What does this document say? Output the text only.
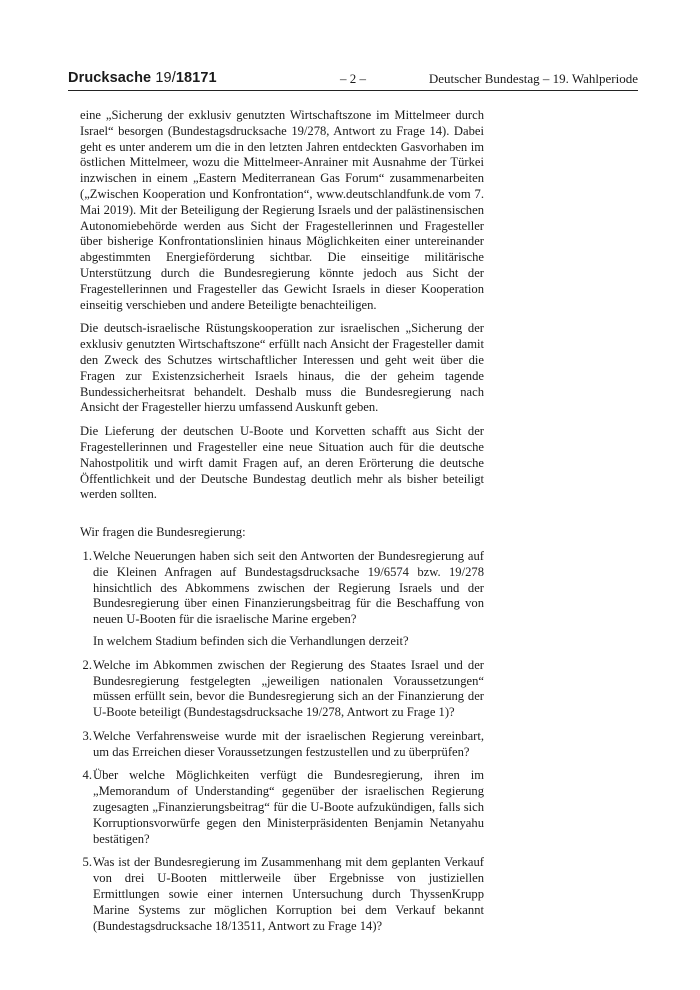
Drucksache 19/18171	– 2 –	Deutscher Bundestag – 19. Wahlperiode

eine „Sicherung der exklusiv genutzten Wirtschaftszone im Mittelmeer durch Israel“ besorgen (Bundestagsdrucksache 19/278, Antwort zu Frage 14). Dabei geht es unter anderem um die in den letzten Jahren entdeckten Gasvorhaben im östlichen Mittelmeer, wozu die Mittelmeer-Anrainer mit Ausnahme der Türkei inzwischen in einem „Eastern Mediterranean Gas Forum“ zusammenarbeiten („Zwischen Kooperation und Konfrontation“, www.deutschlandfunk.de vom 7. Mai 2019). Mit der Beteiligung der Regierung Israels und der palästinensischen Autonomiebehörde werden aus Sicht der Fragestellerinnen und Fragesteller über bisherige Konfrontationslinien hinaus Möglichkeiten einer untereinander abgestimmten Energieförderung sichtbar. Die einseitige militärische Unterstützung durch die Bundesregierung könnte jedoch aus Sicht der Fragestellerinnen und Fragesteller das Gewicht Israels in dieser Kooperation einseitig verschieben und andere Beteiligte benachteiligen.

Die deutsch-israelische Rüstungskooperation zur israelischen „Sicherung der exklusiv genutzten Wirtschaftszone“ erfüllt nach Ansicht der Fragesteller damit den Zweck des Schutzes wirtschaftlicher Interessen und geht weit über die Fragen zur Existenzsicherheit Israels hinaus, die der geheim tagende Bundessicherheitsrat behandelt. Deshalb muss die Bundesregierung nach Ansicht der Fragesteller hierzu umfassend Auskunft geben.

Die Lieferung der deutschen U-Boote und Korvetten schafft aus Sicht der Fragestellerinnen und Fragesteller eine neue Situation auch für die deutsche Nahostpolitik und wirft damit Fragen auf, an deren Erörterung die deutsche Öffentlichkeit und der Deutsche Bundestag deutlich mehr als bisher beteiligt werden sollten.

Wir fragen die Bundesregierung:

1. Welche Neuerungen haben sich seit den Antworten der Bundesregierung auf die Kleinen Anfragen auf Bundestagsdrucksache 19/6574 bzw. 19/278 hinsichtlich des Abkommens zwischen der Regierung Israels und der Bundesregierung über einen Finanzierungsbeitrag für die Beschaffung von neuen U-Booten für die israelische Marine ergeben?

In welchem Stadium befinden sich die Verhandlungen derzeit?

2. Welche im Abkommen zwischen der Regierung des Staates Israel und der Bundesregierung festgelegten „jeweiligen nationalen Voraussetzungen“ müssen erfüllt sein, bevor die Bundesregierung sich an der Finanzierung der U-Boote beteiligt (Bundestagsdrucksache 19/278, Antwort zu Frage 1)?

3. Welche Verfahrensweise wurde mit der israelischen Regierung vereinbart, um das Erreichen dieser Voraussetzungen festzustellen und zu überprüfen?

4. Über welche Möglichkeiten verfügt die Bundesregierung, ihren im „Memorandum of Understanding“ gegenüber der israelischen Regierung zugesagten „Finanzierungsbeitrag“ für die U-Boote aufzukündigen, falls sich Korruptionsvorwürfe gegen den Ministerpräsidenten Benjamin Netanyahu bestätigen?

5. Was ist der Bundesregierung im Zusammenhang mit dem geplanten Verkauf von drei U-Booten mittlerweile über Ergebnisse von justiziellen Ermittlungen sowie einer internen Untersuchung durch ThyssenKrupp Marine Systems zur möglichen Korruption bei dem Verkauf bekannt (Bundestagsdrucksache 18/13511, Antwort zu Frage 14)?
